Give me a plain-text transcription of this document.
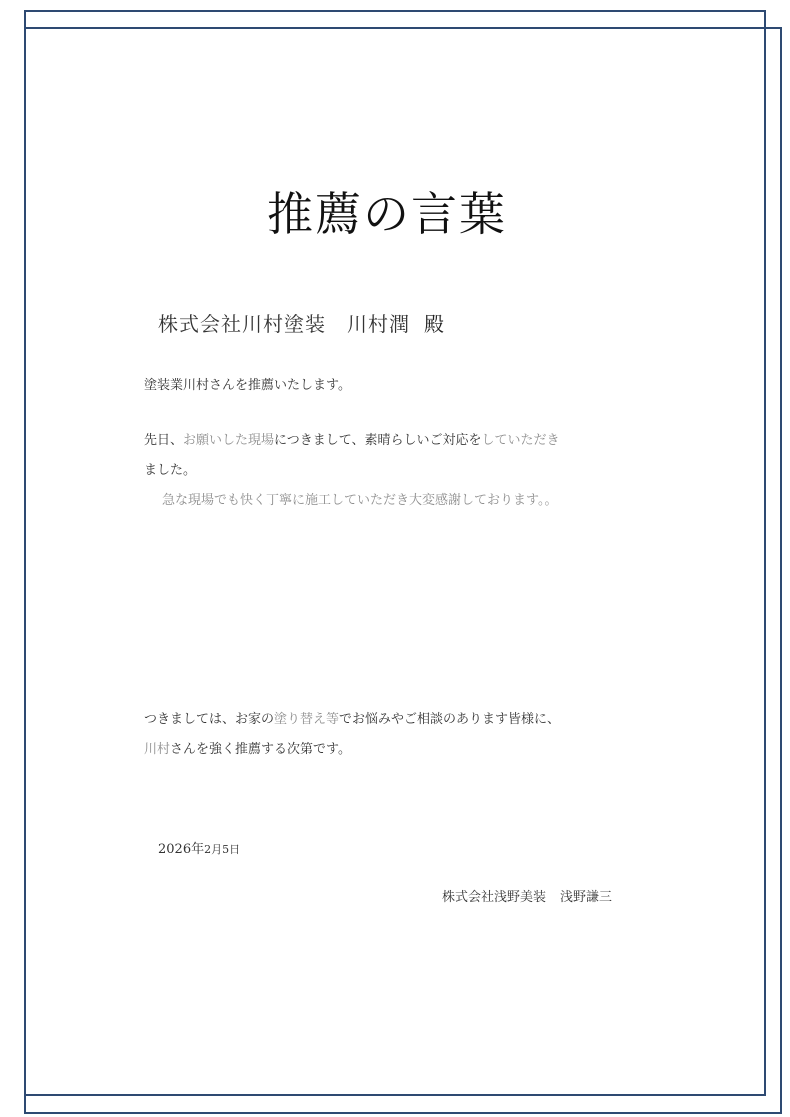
推薦の言葉
株式会社川村塗装　川村潤 殿
塗装業川村さんを推薦いたします。
先日、お願いした現場につきまして、素晴らしいご対応をしていただき
ました。
急な現場でも快く丁寧に施工していただき大変感謝しております。。
つきましては、お家の塗り替え等でお悩みやご相談のあります皆様に、
川村さんを強く推薦する次第です。
2026年2月5日
株式会社浅野美装 浅野謙三
